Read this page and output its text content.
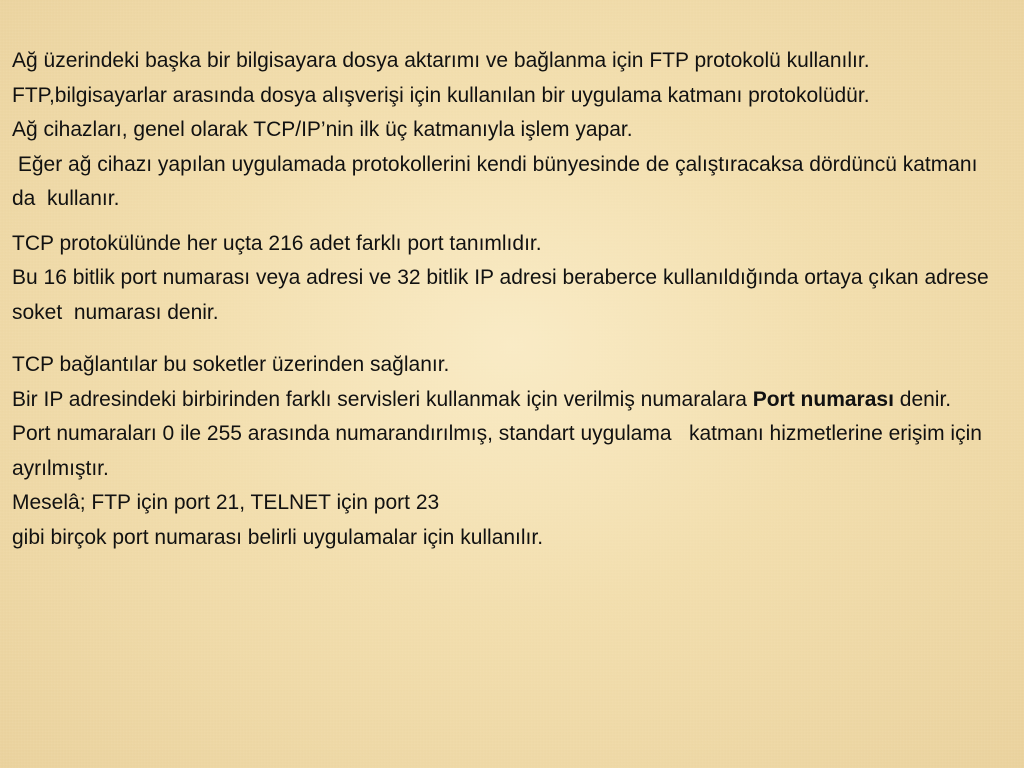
Ağ üzerindeki başka bir bilgisayara dosya aktarımı ve bağlanma için FTP protokolü kullanılır.

FTP,bilgisayarlar arasında dosya alışverişi için kullanılan bir uygulama katmanı protokolüdür.

Ağ cihazları, genel olarak TCP/IP’nin ilk üç katmanıyla işlem yapar.

Eğer ağ cihazı yapılan uygulamada protokollerini kendi bünyesinde de çalıştıracaksa dördüncü katmanı da  kullanır.

TCP protokülünde her uçta 216 adet farklı port tanımlıdır.

Bu 16 bitlik port numarası veya adresi ve 32 bitlik IP adresi beraberce kullanıldığında ortaya çıkan adrese soket  numarası denir.

TCP bağlantılar bu soketler üzerinden sağlanır.

Bir IP adresindeki birbirinden farklı servisleri kullanmak için verilmiş numaralara Port numarası denir.

Port numaraları 0 ile 255 arasında numarandırılmış, standart uygulama   katmanı hizmetlerine erişim için ayrılmıştır.

Meselâ; FTP için port 21, TELNET için port 23

gibi birçok port numarası belirli uygulamalar için kullanılır.
